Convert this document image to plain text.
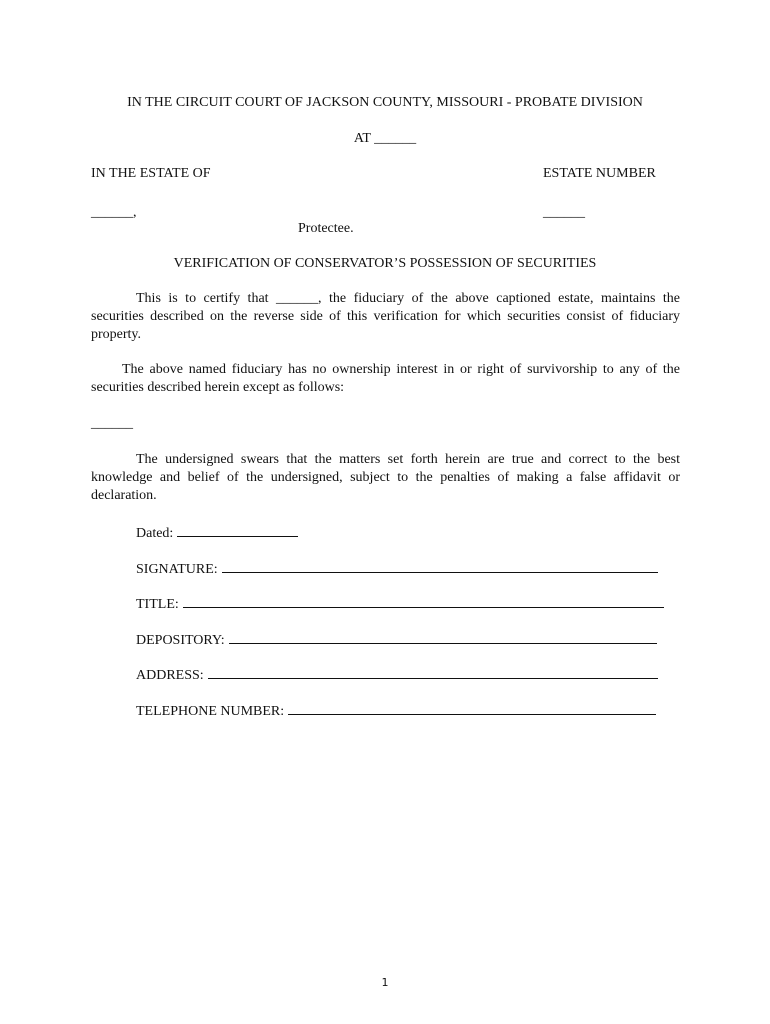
IN THE CIRCUIT COURT OF JACKSON COUNTY, MISSOURI - PROBATE DIVISION
AT ______
IN THE ESTATE OF	ESTATE NUMBER
______,	______
Protectee.
VERIFICATION OF CONSERVATOR’S POSSESSION OF SECURITIES
This is to certify that ______, the fiduciary of the above captioned estate, maintains the securities described on the reverse side of this verification for which securities consist of fiduciary property.
The above named fiduciary has no ownership interest in or right of survivorship to any of the securities described herein except as follows:
______
The undersigned swears that the matters set forth herein are true and correct to the best knowledge and belief of the undersigned, subject to the penalties of making a false affidavit or declaration.
Dated:
SIGNATURE:
TITLE:
DEPOSITORY:
ADDRESS:
TELEPHONE NUMBER:
1
